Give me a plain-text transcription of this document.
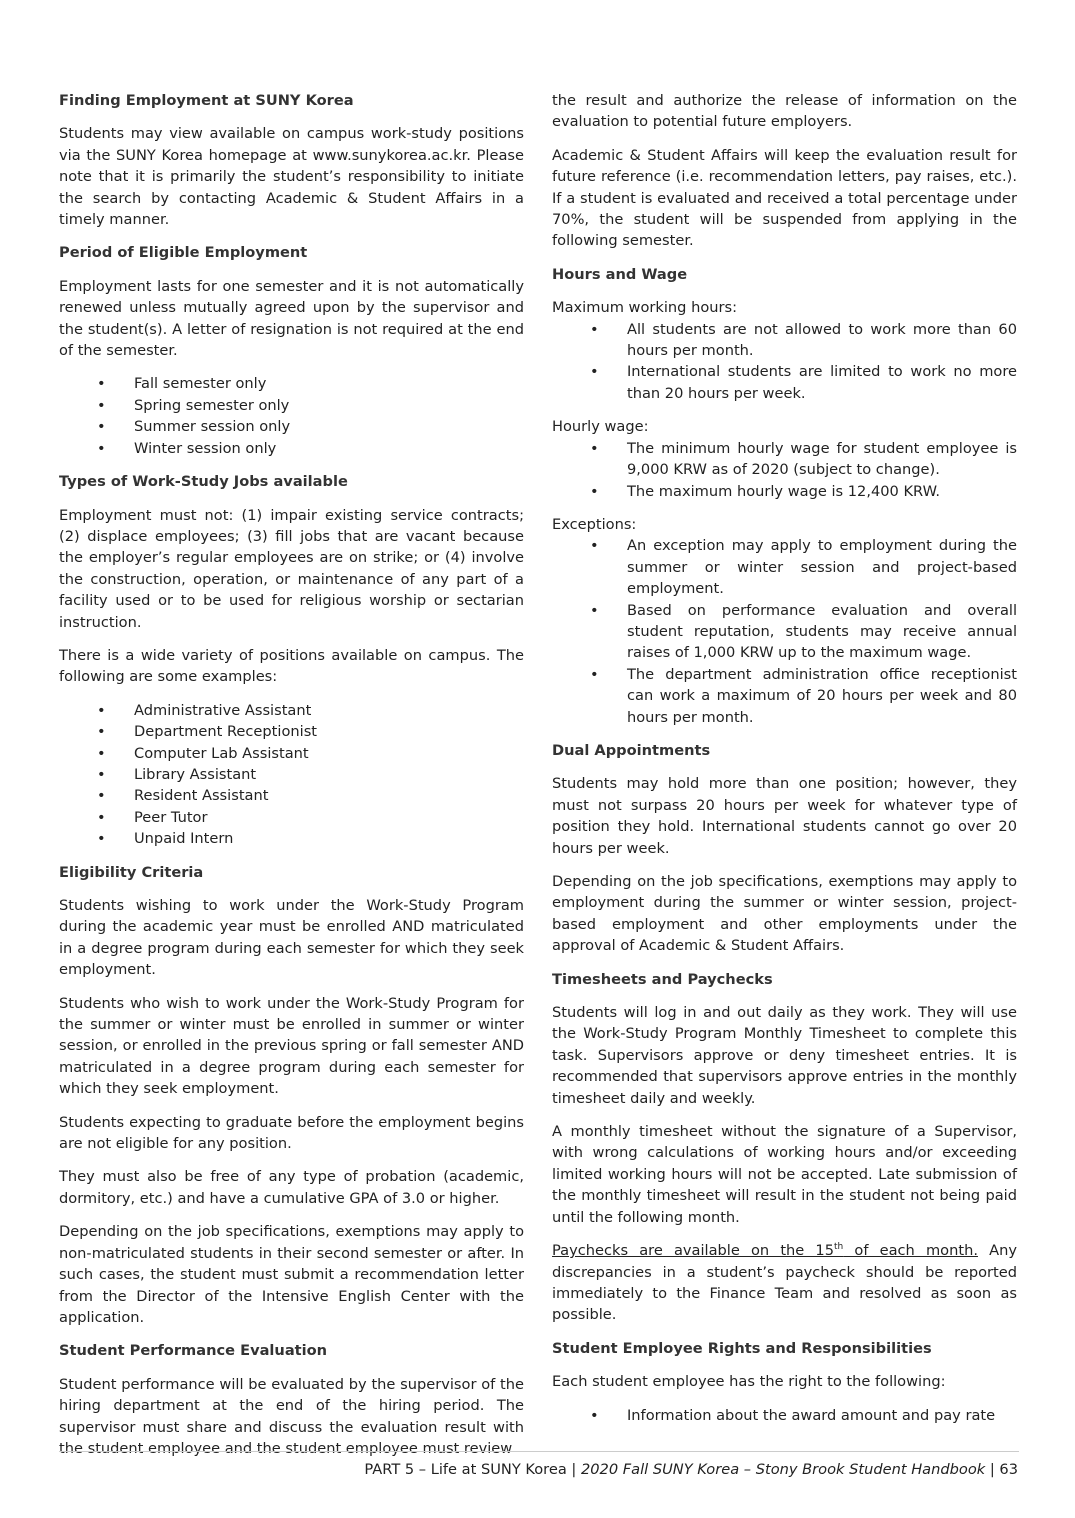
Finding Employment at SUNY Korea

Students may view available on campus work-study positions via the SUNY Korea homepage at www.sunykorea.ac.kr. Please note that it is primarily the student’s responsibility to initiate the search by contacting Academic & Student Affairs in a timely manner.

Period of Eligible Employment

Employment lasts for one semester and it is not automatically renewed unless mutually agreed upon by the supervisor and the student(s). A letter of resignation is not required at the end of the semester.

• Fall semester only
• Spring semester only
• Summer session only
• Winter session only
Types of Work-Study Jobs available

Employment must not: (1) impair existing service contracts; (2) displace employees; (3) fill jobs that are vacant because the employer’s regular employees are on strike; or (4) involve the construction, operation, or maintenance of any part of a facility used or to be used for religious worship or sectarian instruction.

There is a wide variety of positions available on campus. The following are some examples:

• Administrative Assistant
• Department Receptionist
• Computer Lab Assistant
• Library Assistant
• Resident Assistant
• Peer Tutor
• Unpaid Intern
Eligibility Criteria

Students wishing to work under the Work-Study Program during the academic year must be enrolled AND matriculated in a degree program during each semester for which they seek employment.

Students who wish to work under the Work-Study Program for the summer or winter must be enrolled in summer or winter session, or enrolled in the previous spring or fall semester AND matriculated in a degree program during each semester for which they seek employment.

Students expecting to graduate before the employment begins are not eligible for any position.

They must also be free of any type of probation (academic, dormitory, etc.) and have a cumulative GPA of 3.0 or higher.

Depending on the job specifications, exemptions may apply to non-matriculated students in their second semester or after. In such cases, the student must submit a recommendation letter from the Director of the Intensive English Center with the application.

Student Performance Evaluation

Student performance will be evaluated by the supervisor of the hiring department at the end of the hiring period. The supervisor must share and discuss the evaluation result with the student employee and the student employee must review

the result and authorize the release of information on the evaluation to potential future employers.

Academic & Student Affairs will keep the evaluation result for future reference (i.e. recommendation letters, pay raises, etc.). If a student is evaluated and received a total percentage under 70%, the student will be suspended from applying in the following semester.

Hours and Wage

Maximum working hours:

• All students are not allowed to work more than 60 hours per month.
• International students are limited to work no more than 20 hours per week.

Hourly wage:

• The minimum hourly wage for student employee is 9,000 KRW as of 2020 (subject to change).
• The maximum hourly wage is 12,400 KRW.

Exceptions:

• An exception may apply to employment during the summer or winter session and project-based employment.
• Based on performance evaluation and overall student reputation, students may receive annual raises of 1,000 KRW up to the maximum wage.
• The department administration office receptionist can work a maximum of 20 hours per week and 80 hours per month.
Dual Appointments

Students may hold more than one position; however, they must not surpass 20 hours per week for whatever type of position they hold. International students cannot go over 20 hours per week.

Depending on the job specifications, exemptions may apply to employment during the summer or winter session, project-based employment and other employments under the approval of Academic & Student Affairs.

Timesheets and Paychecks

Students will log in and out daily as they work. They will use the Work-Study Program Monthly Timesheet to complete this task. Supervisors approve or deny timesheet entries. It is recommended that supervisors approve entries in the monthly timesheet daily and weekly.

A monthly timesheet without the signature of a Supervisor, with wrong calculations of working hours and/or exceeding limited working hours will not be accepted. Late submission of the monthly timesheet will result in the student not being paid until the following month.

Paychecks are available on the 15th of each month. Any discrepancies in a student’s paycheck should be reported immediately to the Finance Team and resolved as soon as possible.

Student Employee Rights and Responsibilities

Each student employee has the right to the following:

• Information about the award amount and pay rate
PART 5 – Life at SUNY Korea | 2020 Fall SUNY Korea – Stony Brook Student Handbook | 63
